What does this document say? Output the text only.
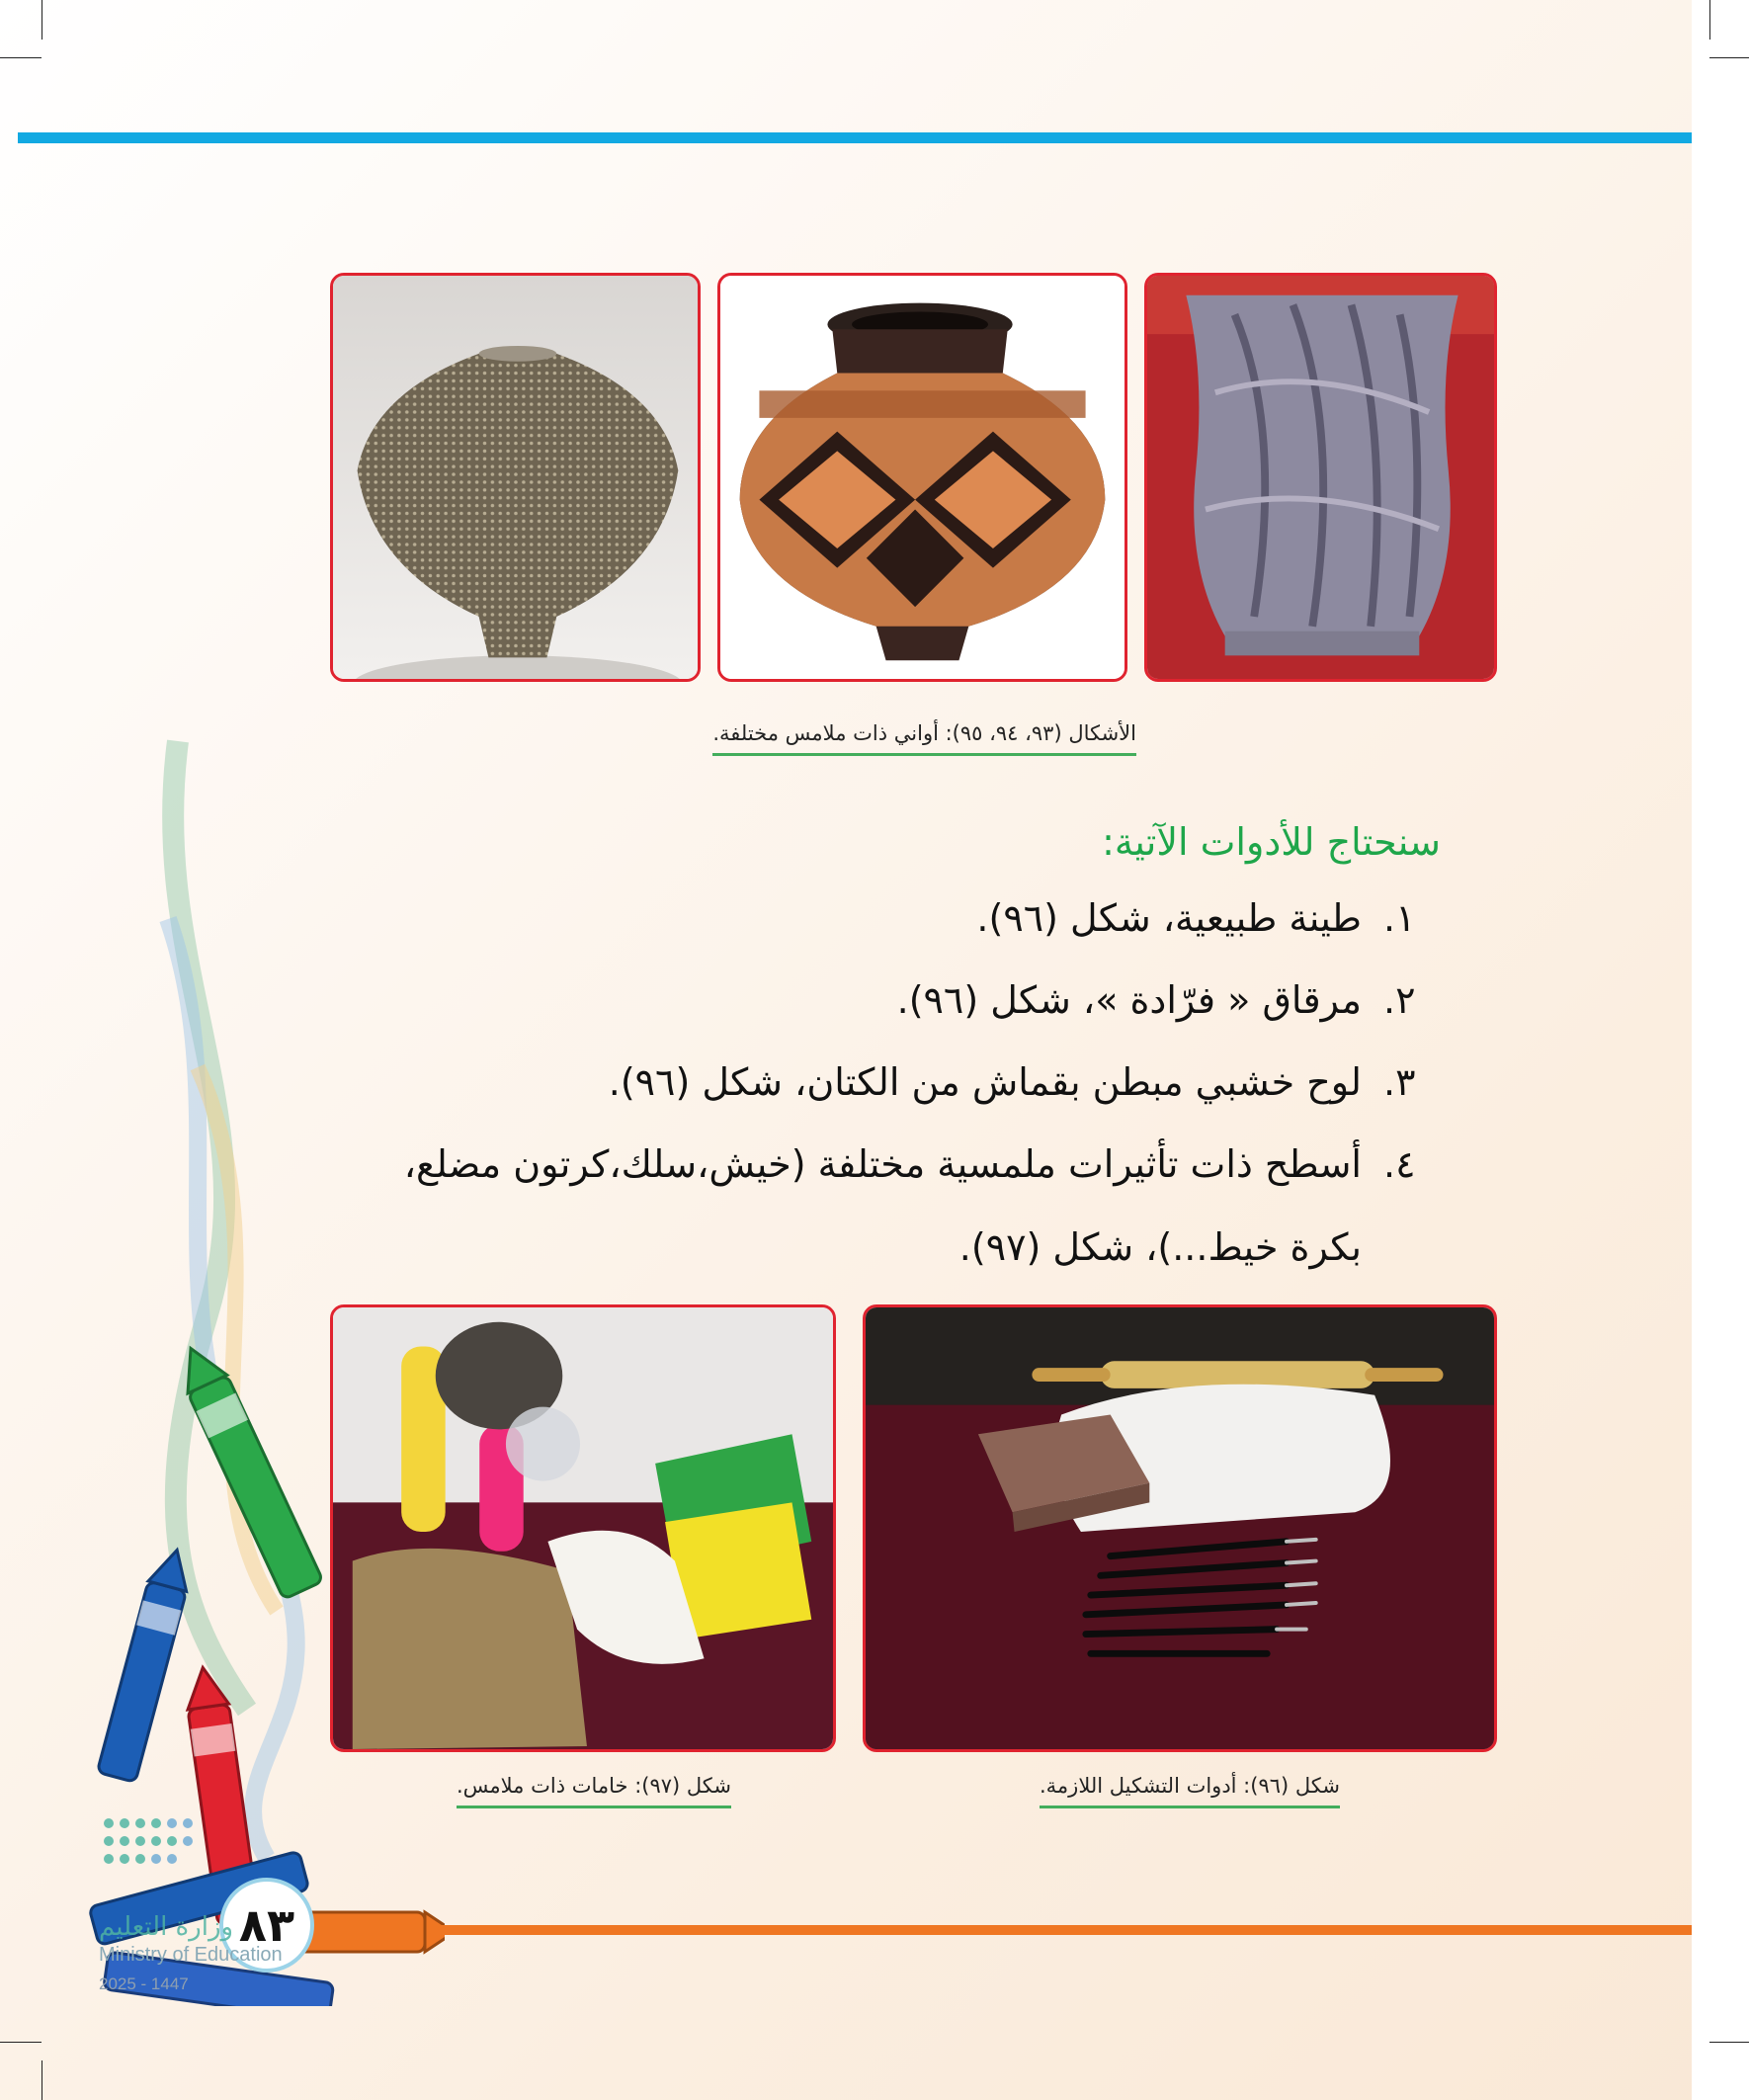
الأشكال (٩٣، ٩٤، ٩٥): أواني ذات ملامس مختلفة.
سنحتاج للأدوات الآتية:
١.
طينة طبيعية، شكل (٩٦).
٢.
مرقاق « فرّادة »، شكل (٩٦).
٣.
لوح خشبي مبطن بقماش من الكتان، شكل (٩٦).
٤.
أسطح ذات تأثيرات ملمسية مختلفة (خيش،سلك،كرتون مضلع،
بكرة خيط...)، شكل (٩٧).
شكل (٩٧): خامات ذات ملامس.	شكل (٩٦): أدوات التشكيل اللازمة.
٨٣
وزارة التعليم
Ministry of Education
2025 - 1447
